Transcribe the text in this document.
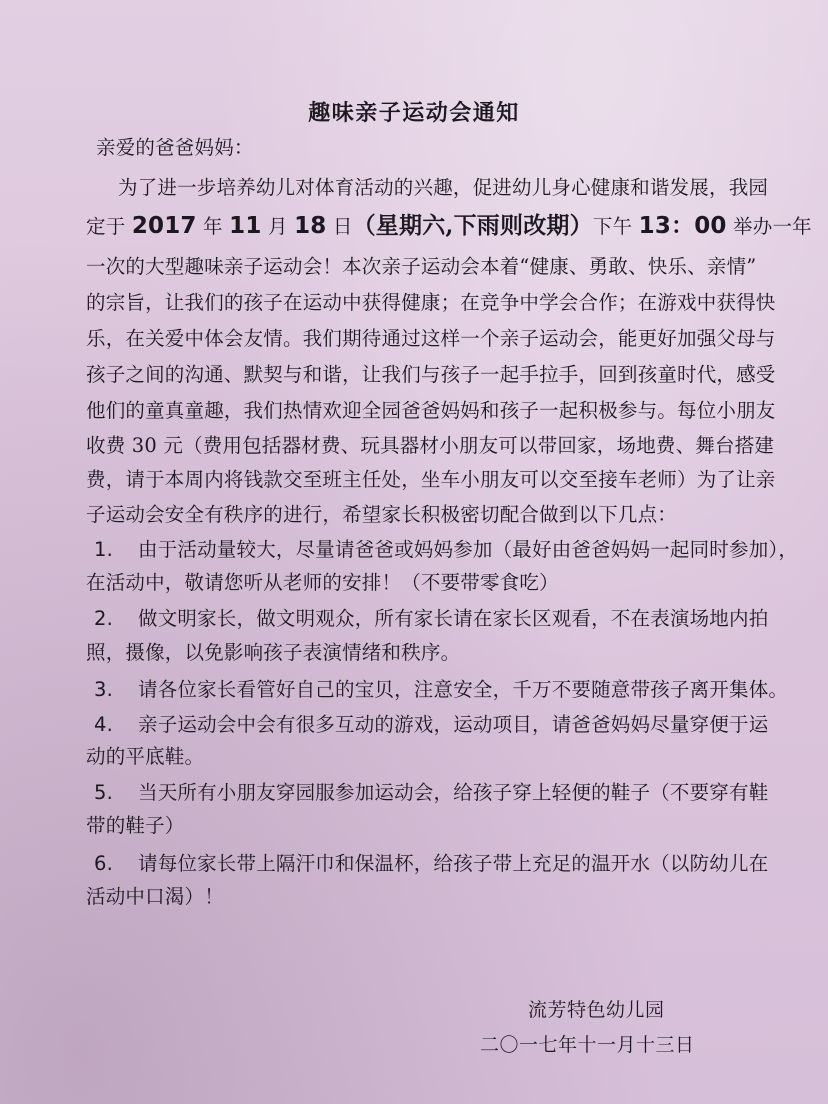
趣味亲子运动会通知
亲爱的爸爸妈妈：
为了进一步培养幼儿对体育活动的兴趣，促进幼儿身心健康和谐发展，我园
定于 2017 年 11 月 18 日（星期六,下雨则改期）下午 13：00 举办一年
一次的大型趣味亲子运动会！本次亲子运动会本着“健康、勇敢、快乐、亲情”
的宗旨，让我们的孩子在运动中获得健康；在竞争中学会合作；在游戏中获得快
乐，在关爱中体会友情。我们期待通过这样一个亲子运动会，能更好加强父母与
孩子之间的沟通、默契与和谐，让我们与孩子一起手拉手，回到孩童时代，感受
他们的童真童趣，我们热情欢迎全园爸爸妈妈和孩子一起积极参与。每位小朋友
收费 30 元（费用包括器材费、玩具器材小朋友可以带回家，场地费、舞台搭建
费，请于本周内将钱款交至班主任处，坐车小朋友可以交至接车老师）为了让亲
子运动会安全有秩序的进行，希望家长积极密切配合做到以下几点：
1. 由于活动量较大，尽量请爸爸或妈妈参加（最好由爸爸妈妈一起同时参加），
在活动中，敬请您听从老师的安排！（不要带零食吃）
2. 做文明家长，做文明观众，所有家长请在家长区观看，不在表演场地内拍
照，摄像，以免影响孩子表演情绪和秩序。
3. 请各位家长看管好自己的宝贝，注意安全，千万不要随意带孩子离开集体。
4. 亲子运动会中会有很多互动的游戏，运动项目，请爸爸妈妈尽量穿便于运
动的平底鞋。
5. 当天所有小朋友穿园服参加运动会，给孩子穿上轻便的鞋子（不要穿有鞋
带的鞋子）
6. 请每位家长带上隔汗巾和保温杯，给孩子带上充足的温开水（以防幼儿在
活动中口渴）！
流芳特色幼儿园
二〇一七年十一月十三日
